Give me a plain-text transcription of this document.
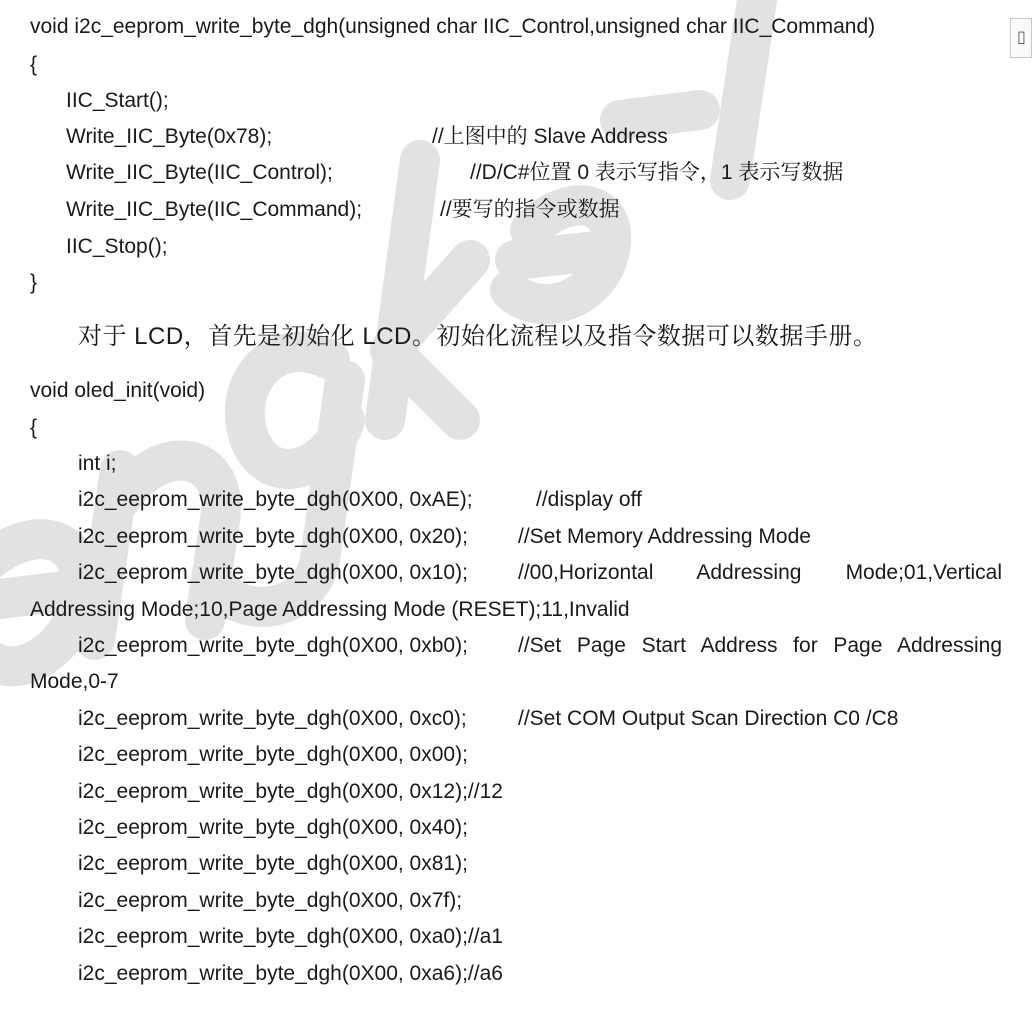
void i2c_eeprom_write_byte_dgh(unsigned char IIC_Control,unsigned char IIC_Command)
{
IIC_Start();
Write_IIC_Byte(0x78);	//上图中的 Slave Address
Write_IIC_Byte(IIC_Control);	//D/C#位置 0 表示写指令，1 表示写数据
Write_IIC_Byte(IIC_Command);	//要写的指令或数据
IIC_Stop();
}
对于 LCD，首先是初始化 LCD。初始化流程以及指令数据可以数据手册。
void oled_init(void)
{
int i;
i2c_eeprom_write_byte_dgh(0X00, 0xAE);	//display off
i2c_eeprom_write_byte_dgh(0X00, 0x20); //Set Memory Addressing Mode
i2c_eeprom_write_byte_dgh(0X00, 0x10); //00,Horizontal Addressing Mode;01,Vertical
Addressing Mode;10,Page Addressing Mode (RESET);11,Invalid
i2c_eeprom_write_byte_dgh(0X00, 0xb0); //Set Page Start Address for Page Addressing
Mode,0-7
i2c_eeprom_write_byte_dgh(0X00, 0xc0); //Set COM Output Scan Direction C0 /C8
i2c_eeprom_write_byte_dgh(0X00, 0x00);
i2c_eeprom_write_byte_dgh(0X00, 0x12);//12
i2c_eeprom_write_byte_dgh(0X00, 0x40);
i2c_eeprom_write_byte_dgh(0X00, 0x81);
i2c_eeprom_write_byte_dgh(0X00, 0x7f);
i2c_eeprom_write_byte_dgh(0X00, 0xa0);//a1
i2c_eeprom_write_byte_dgh(0X00, 0xa6);//a6
▯
